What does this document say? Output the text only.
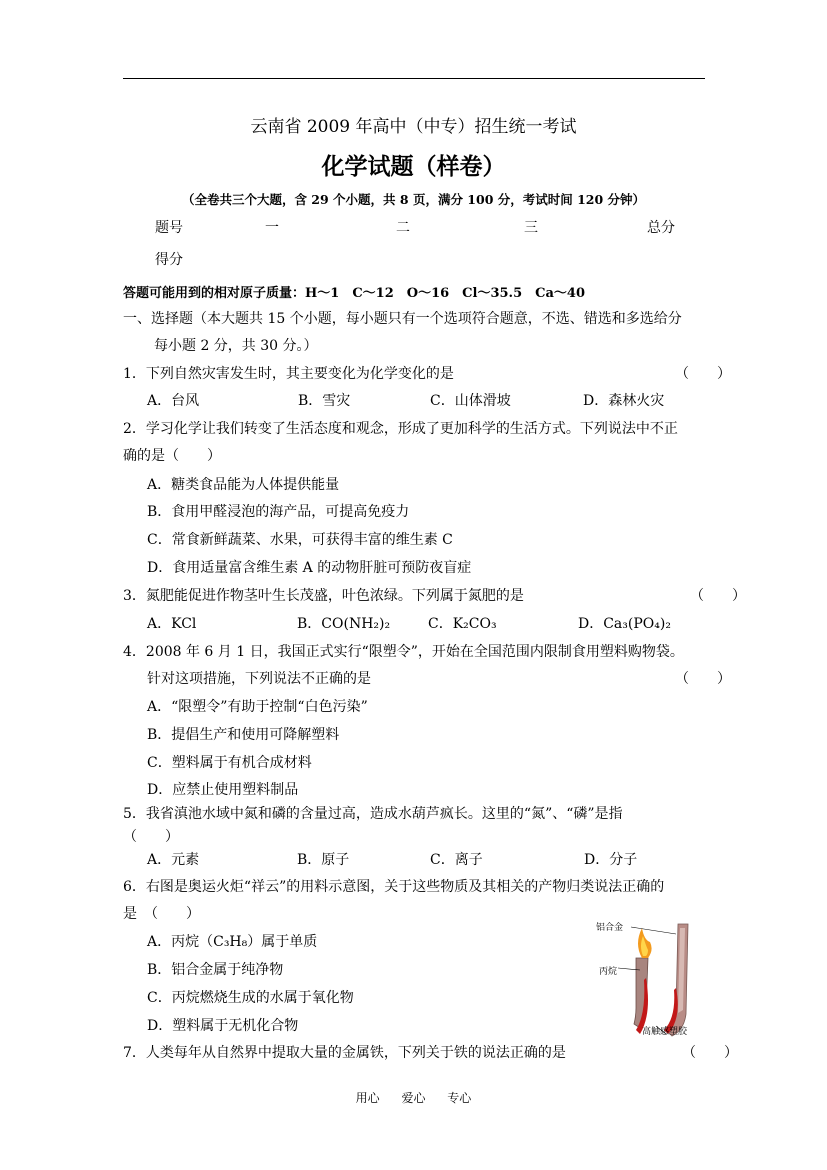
云南省 2009 年高中（中专）招生统一考试
化学试题（样卷）
（全卷共三个大题，含 29 个小题，共 8 页，满分 100 分，考试时间 120 分钟）
题号	一	二	三	总分
得分
答题可能用到的相对原子质量：H～1　C～12　O～16　Cl～35.5　Ca～40
一、选择题（本大题共 15 个小题，每小题只有一个选项符合题意，不选、错选和多选给分
每小题 2 分，共 30 分。）
1．下列自然灾害发生时，其主要变化为化学变化的是	（　　）
A．台风	B．雪灾	C．山体滑坡	D．森林火灾
2．学习化学让我们转变了生活态度和观念，形成了更加科学的生活方式。下列说法中不正
确的是（　　）
A．糖类食品能为人体提供能量
B．食用甲醛浸泡的海产品，可提高免疫力
C．常食新鲜蔬菜、水果，可获得丰富的维生素 C
D．食用适量富含维生素 A 的动物肝脏可预防夜盲症
3．氮肥能促进作物茎叶生长茂盛，叶色浓绿。下列属于氮肥的是	（　　）
A．KCl	B．CO(NH₂)₂	C．K₂CO₃	D．Ca₃(PO₄)₂
4．2008 年 6 月 1 日，我国正式实行“限塑令”，开始在全国范围内限制食用塑料购物袋。
针对这项措施，下列说法不正确的是	（　　）
A．“限塑令”有助于控制“白色污染”
B．提倡生产和使用可降解塑料
C．塑料属于有机合成材料
D．应禁止使用塑料制品
5．我省滇池水域中氮和磷的含量过高，造成水葫芦疯长。这里的“氮”、“磷”是指
（　　）
A．元素	B．原子	C．离子	D．分子
6．右图是奥运火炬“祥云”的用料示意图，关于这些物质及其相关的产物归类说法正确的
是　（　　）
A．丙烷（C₃H₈）属于单质
B．铝合金属于纯净物
C．丙烷燃烧生成的水属于氧化物
D．塑料属于无机化合物
铝合金
丙烷
高触感塑胶
7．人类每年从自然界中提取大量的金属铁，下列关于铁的说法正确的是	（　　）
用心 爱心 专心
